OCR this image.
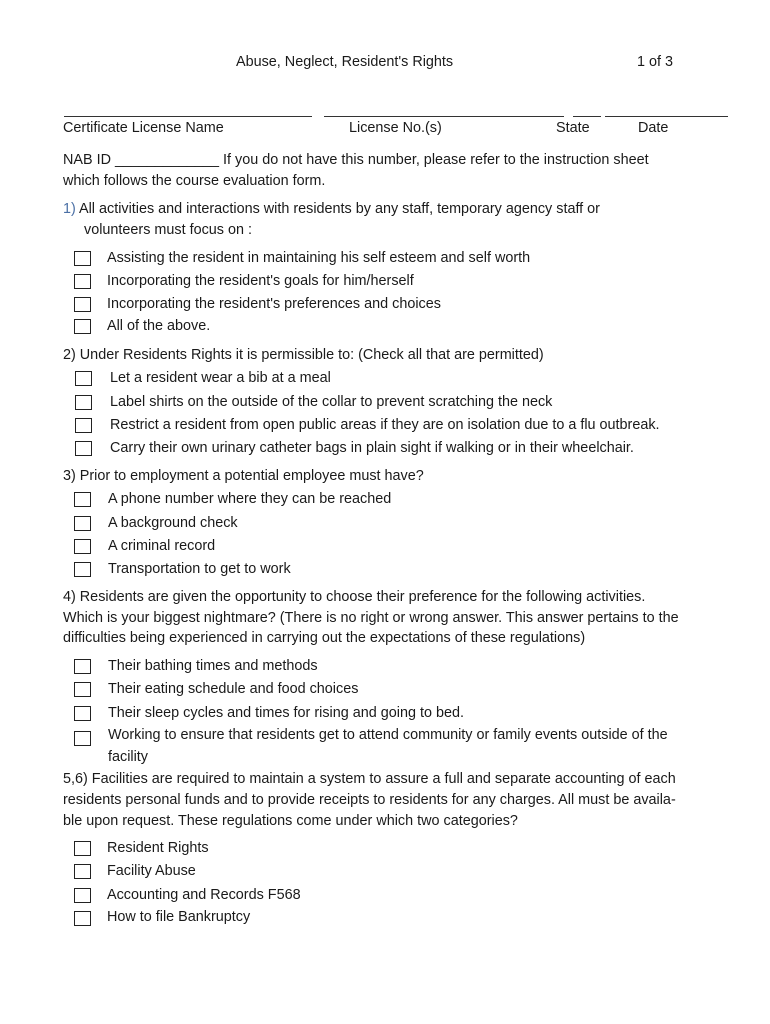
Abuse, Neglect, Resident's Rights	1 of 3
Certificate License Name	License No.(s)	State	Date
NAB ID _____________ If you do not have this number, please refer to the instruction sheet
which follows the course evaluation form.
1) All activities and interactions with residents by any staff, temporary agency staff or
volunteers must focus on :
Assisting the resident in maintaining his self esteem and self worth
Incorporating the resident's goals for him/herself
Incorporating the resident's preferences and choices
All of the above.
2) Under Residents Rights it is permissible to: (Check all that are permitted)
Let a resident wear a bib at a meal
Label shirts on the outside of the collar to prevent scratching the neck
Restrict a resident from open public areas if they are on isolation due to a flu outbreak.
Carry their own urinary catheter bags in plain sight if walking or in their wheelchair.
3) Prior to employment a potential employee must have?
A phone number where they can be reached
A background check
A criminal record
Transportation to get to work
4) Residents are given the opportunity to choose their preference for the following activities.
Which is your biggest nightmare? (There is no right or wrong answer. This answer pertains to the
difficulties being experienced in carrying out the expectations of these regulations)
Their bathing times and methods
Their eating schedule and food choices
Their sleep cycles and times for rising and going to bed.
Working to ensure that residents get to attend community or family events outside of the
facility
5,6) Facilities are required to maintain a system to assure a full and separate accounting of each
residents personal funds and to provide receipts to residents for any charges. All must be availa-
ble upon request. These regulations come under which two categories?
Resident Rights
Facility Abuse
Accounting and Records F568
How to file Bankruptcy
